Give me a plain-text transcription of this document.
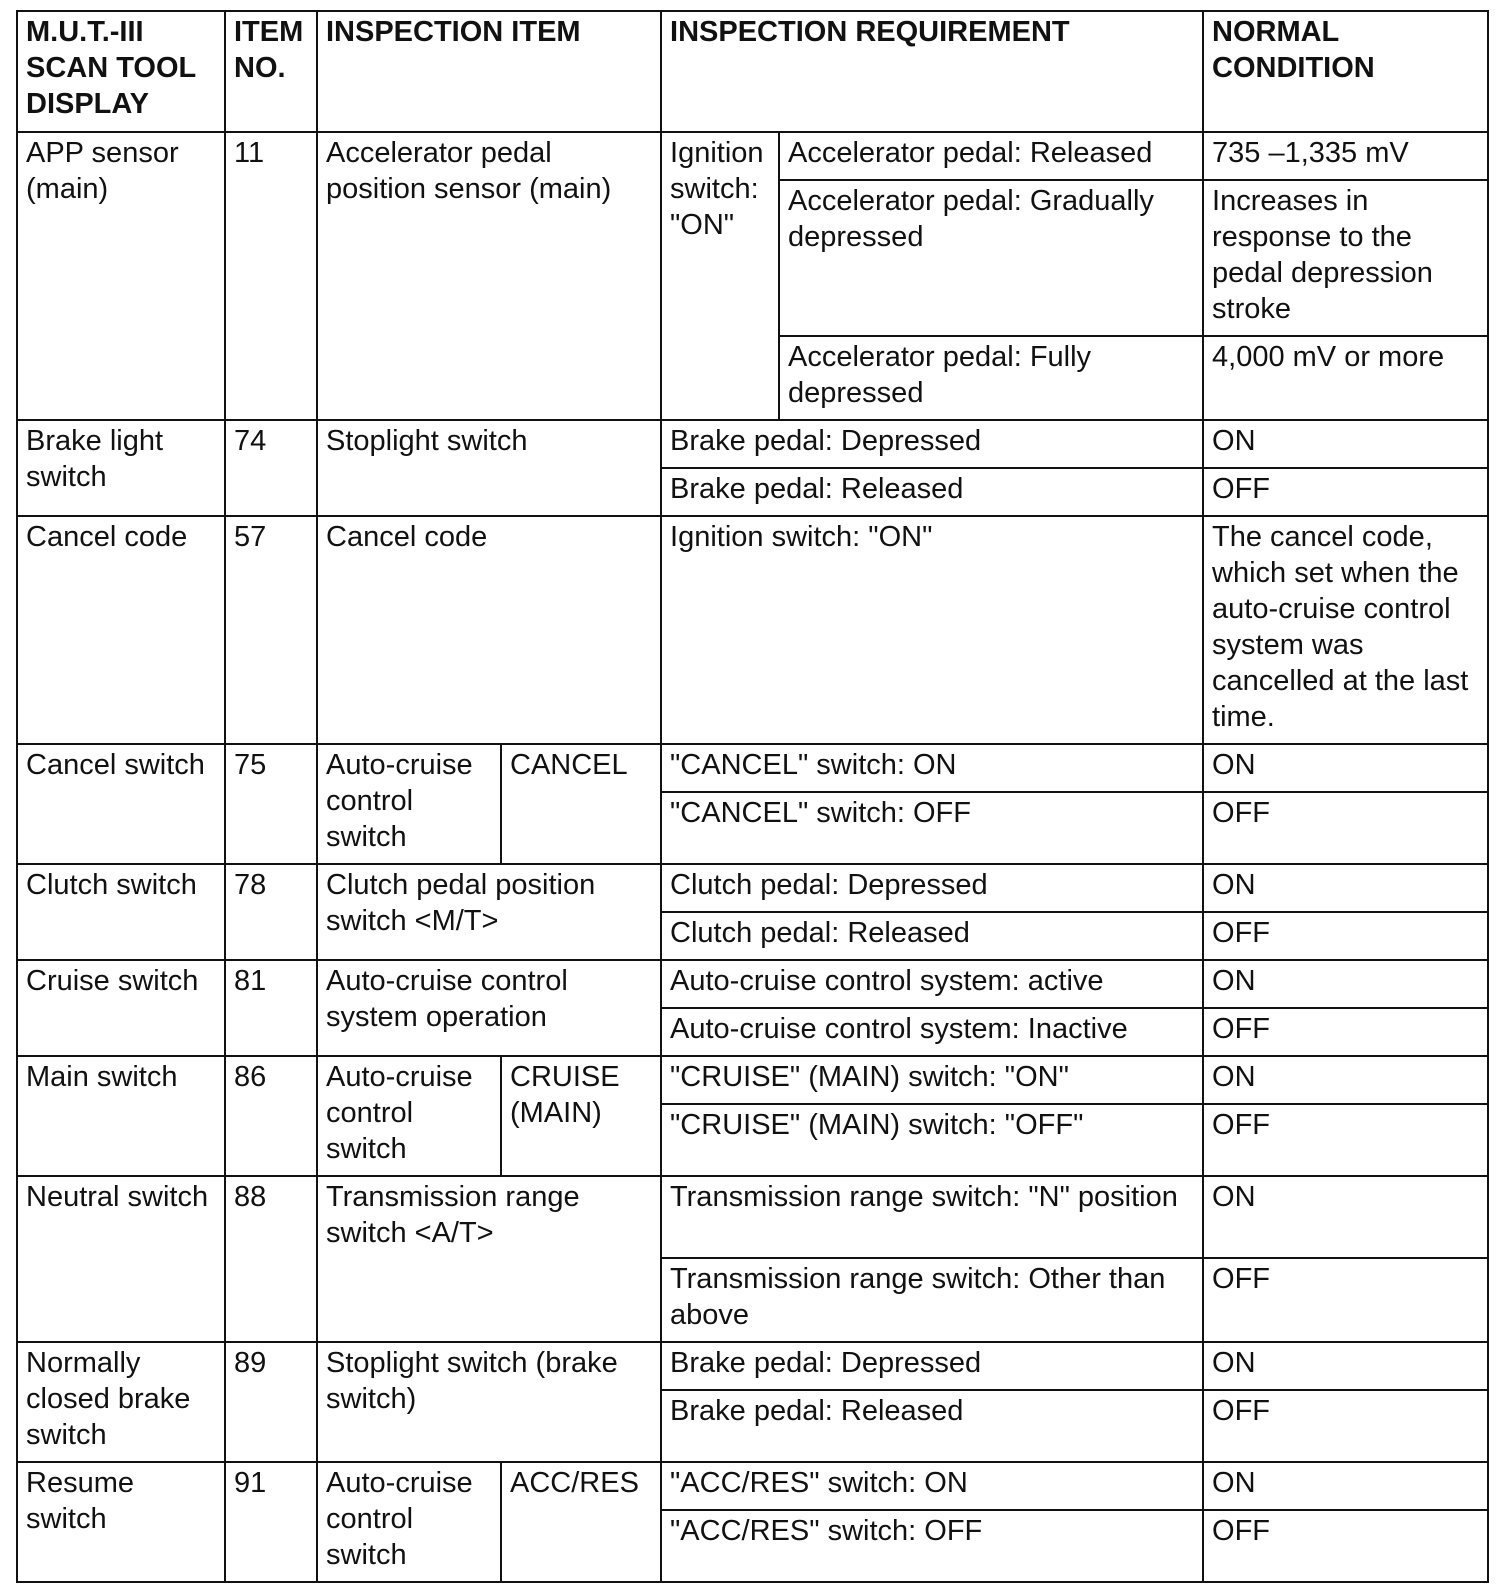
M.U.T.-III SCAN TOOL DISPLAY	ITEM NO.	INSPECTION ITEM		INSPECTION REQUIREMENT		NORMAL CONDITION
APP sensor (main)	11	Accelerator pedal position sensor (main)		Ignition switch: "ON"	Accelerator pedal: Released	735 –1,335 mV
					Accelerator pedal: Gradually depressed	Increases in response to the pedal depression stroke
					Accelerator pedal: Fully depressed	4,000 mV or more
Brake light switch	74	Stoplight switch		Brake pedal: Depressed		ON
				Brake pedal: Released		OFF
Cancel code	57	Cancel code		Ignition switch: "ON"		The cancel code, which set when the auto-cruise control system was cancelled at the last time.
Cancel switch	75	Auto-cruise control switch	CANCEL	"CANCEL" switch: ON		ON
				"CANCEL" switch: OFF		OFF
Clutch switch	78	Clutch pedal position switch <M/T>		Clutch pedal: Depressed		ON
				Clutch pedal: Released		OFF
Cruise switch	81	Auto-cruise control system operation		Auto-cruise control system: active		ON
				Auto-cruise control system: Inactive		OFF
Main switch	86	Auto-cruise control switch	CRUISE (MAIN)	"CRUISE" (MAIN) switch: "ON"		ON
				"CRUISE" (MAIN) switch: "OFF"		OFF
Neutral switch	88	Transmission range switch <A/T>		Transmission range switch: "N" position		ON
				Transmission range switch: Other than above		OFF
Normally closed brake switch	89	Stoplight switch (brake switch)		Brake pedal: Depressed		ON
				Brake pedal: Released		OFF
Resume switch	91	Auto-cruise control switch	ACC/RES	"ACC/RES" switch: ON		ON
				"ACC/RES" switch: OFF		OFF
